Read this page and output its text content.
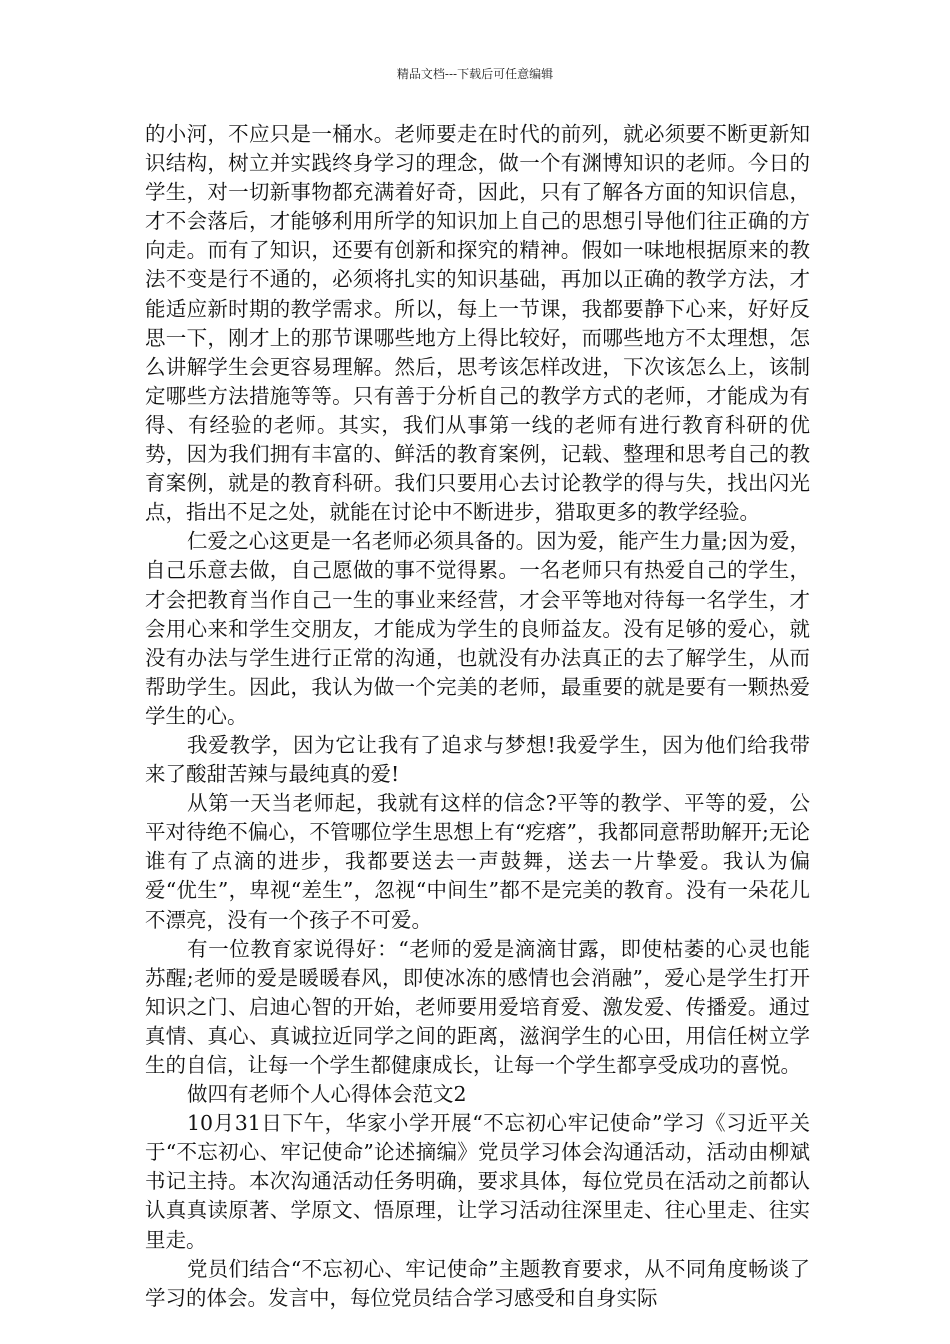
精品文档---下载后可任意编辑

的小河，不应只是一桶水。老师要走在时代的前列，就必须要不断更新知识结构，树立并实践终身学习的理念，做一个有渊博知识的老师。今日的学生，对一切新事物都充满着好奇，因此，只有了解各方面的知识信息，才不会落后，才能够利用所学的知识加上自己的思想引导他们往正确的方向走。而有了知识，还要有创新和探究的精神。假如一味地根据原来的教法不变是行不通的，必须将扎实的知识基础，再加以正确的教学方法，才能适应新时期的教学需求。所以，每上一节课，我都要静下心来，好好反思一下，刚才上的那节课哪些地方上得比较好，而哪些地方不太理想，怎么讲解学生会更容易理解。然后，思考该怎样改进，下次该怎么上，该制定哪些方法措施等等。只有善于分析自己的教学方式的老师，才能成为有得、有经验的老师。其实，我们从事第一线的老师有进行教育科研的优势，因为我们拥有丰富的、鲜活的教育案例，记载、整理和思考自己的教育案例，就是的教育科研。我们只要用心去讨论教学的得与失，找出闪光点，指出不足之处，就能在讨论中不断进步，猎取更多的教学经验。

仁爱之心这更是一名老师必须具备的。因为爱，能产生力量;因为爱，自己乐意去做，自己愿做的事不觉得累。一名老师只有热爱自己的学生，才会把教育当作自己一生的事业来经营，才会平等地对待每一名学生，才会用心来和学生交朋友，才能成为学生的良师益友。没有足够的爱心，就没有办法与学生进行正常的沟通，也就没有办法真正的去了解学生，从而帮助学生。因此，我认为做一个完美的老师，最重要的就是要有一颗热爱学生的心。

我爱教学，因为它让我有了追求与梦想!我爱学生，因为他们给我带来了酸甜苦辣与最纯真的爱!

从第一天当老师起，我就有这样的信念?平等的教学、平等的爱，公平对待绝不偏心，不管哪位学生思想上有“疙瘩”，我都同意帮助解开;无论谁有了点滴的进步，我都要送去一声鼓舞，送去一片挚爱。我认为偏爱“优生”，卑视“差生”，忽视“中间生”都不是完美的教育。没有一朵花儿不漂亮，没有一个孩子不可爱。

有一位教育家说得好：“老师的爱是滴滴甘露，即使枯萎的心灵也能苏醒;老师的爱是暖暖春风，即使冰冻的感情也会消融”，爱心是学生打开知识之门、启迪心智的开始，老师要用爱培育爱、激发爱、传播爱。通过真情、真心、真诚拉近同学之间的距离，滋润学生的心田，用信任树立学生的自信，让每一个学生都健康成长，让每一个学生都享受成功的喜悦。

做四有老师个人心得体会范文2

10月31日下午，华家小学开展“不忘初心牢记使命”学习《习近平关于“不忘初心、牢记使命”论述摘编》党员学习体会沟通活动，活动由柳斌书记主持。本次沟通活动任务明确，要求具体，每位党员在活动之前都认认真真读原著、学原文、悟原理，让学习活动往深里走、往心里走、往实里走。

党员们结合“不忘初心、牢记使命”主题教育要求，从不同角度畅谈了学习的体会。发言中，每位党员结合学习感受和自身实际
